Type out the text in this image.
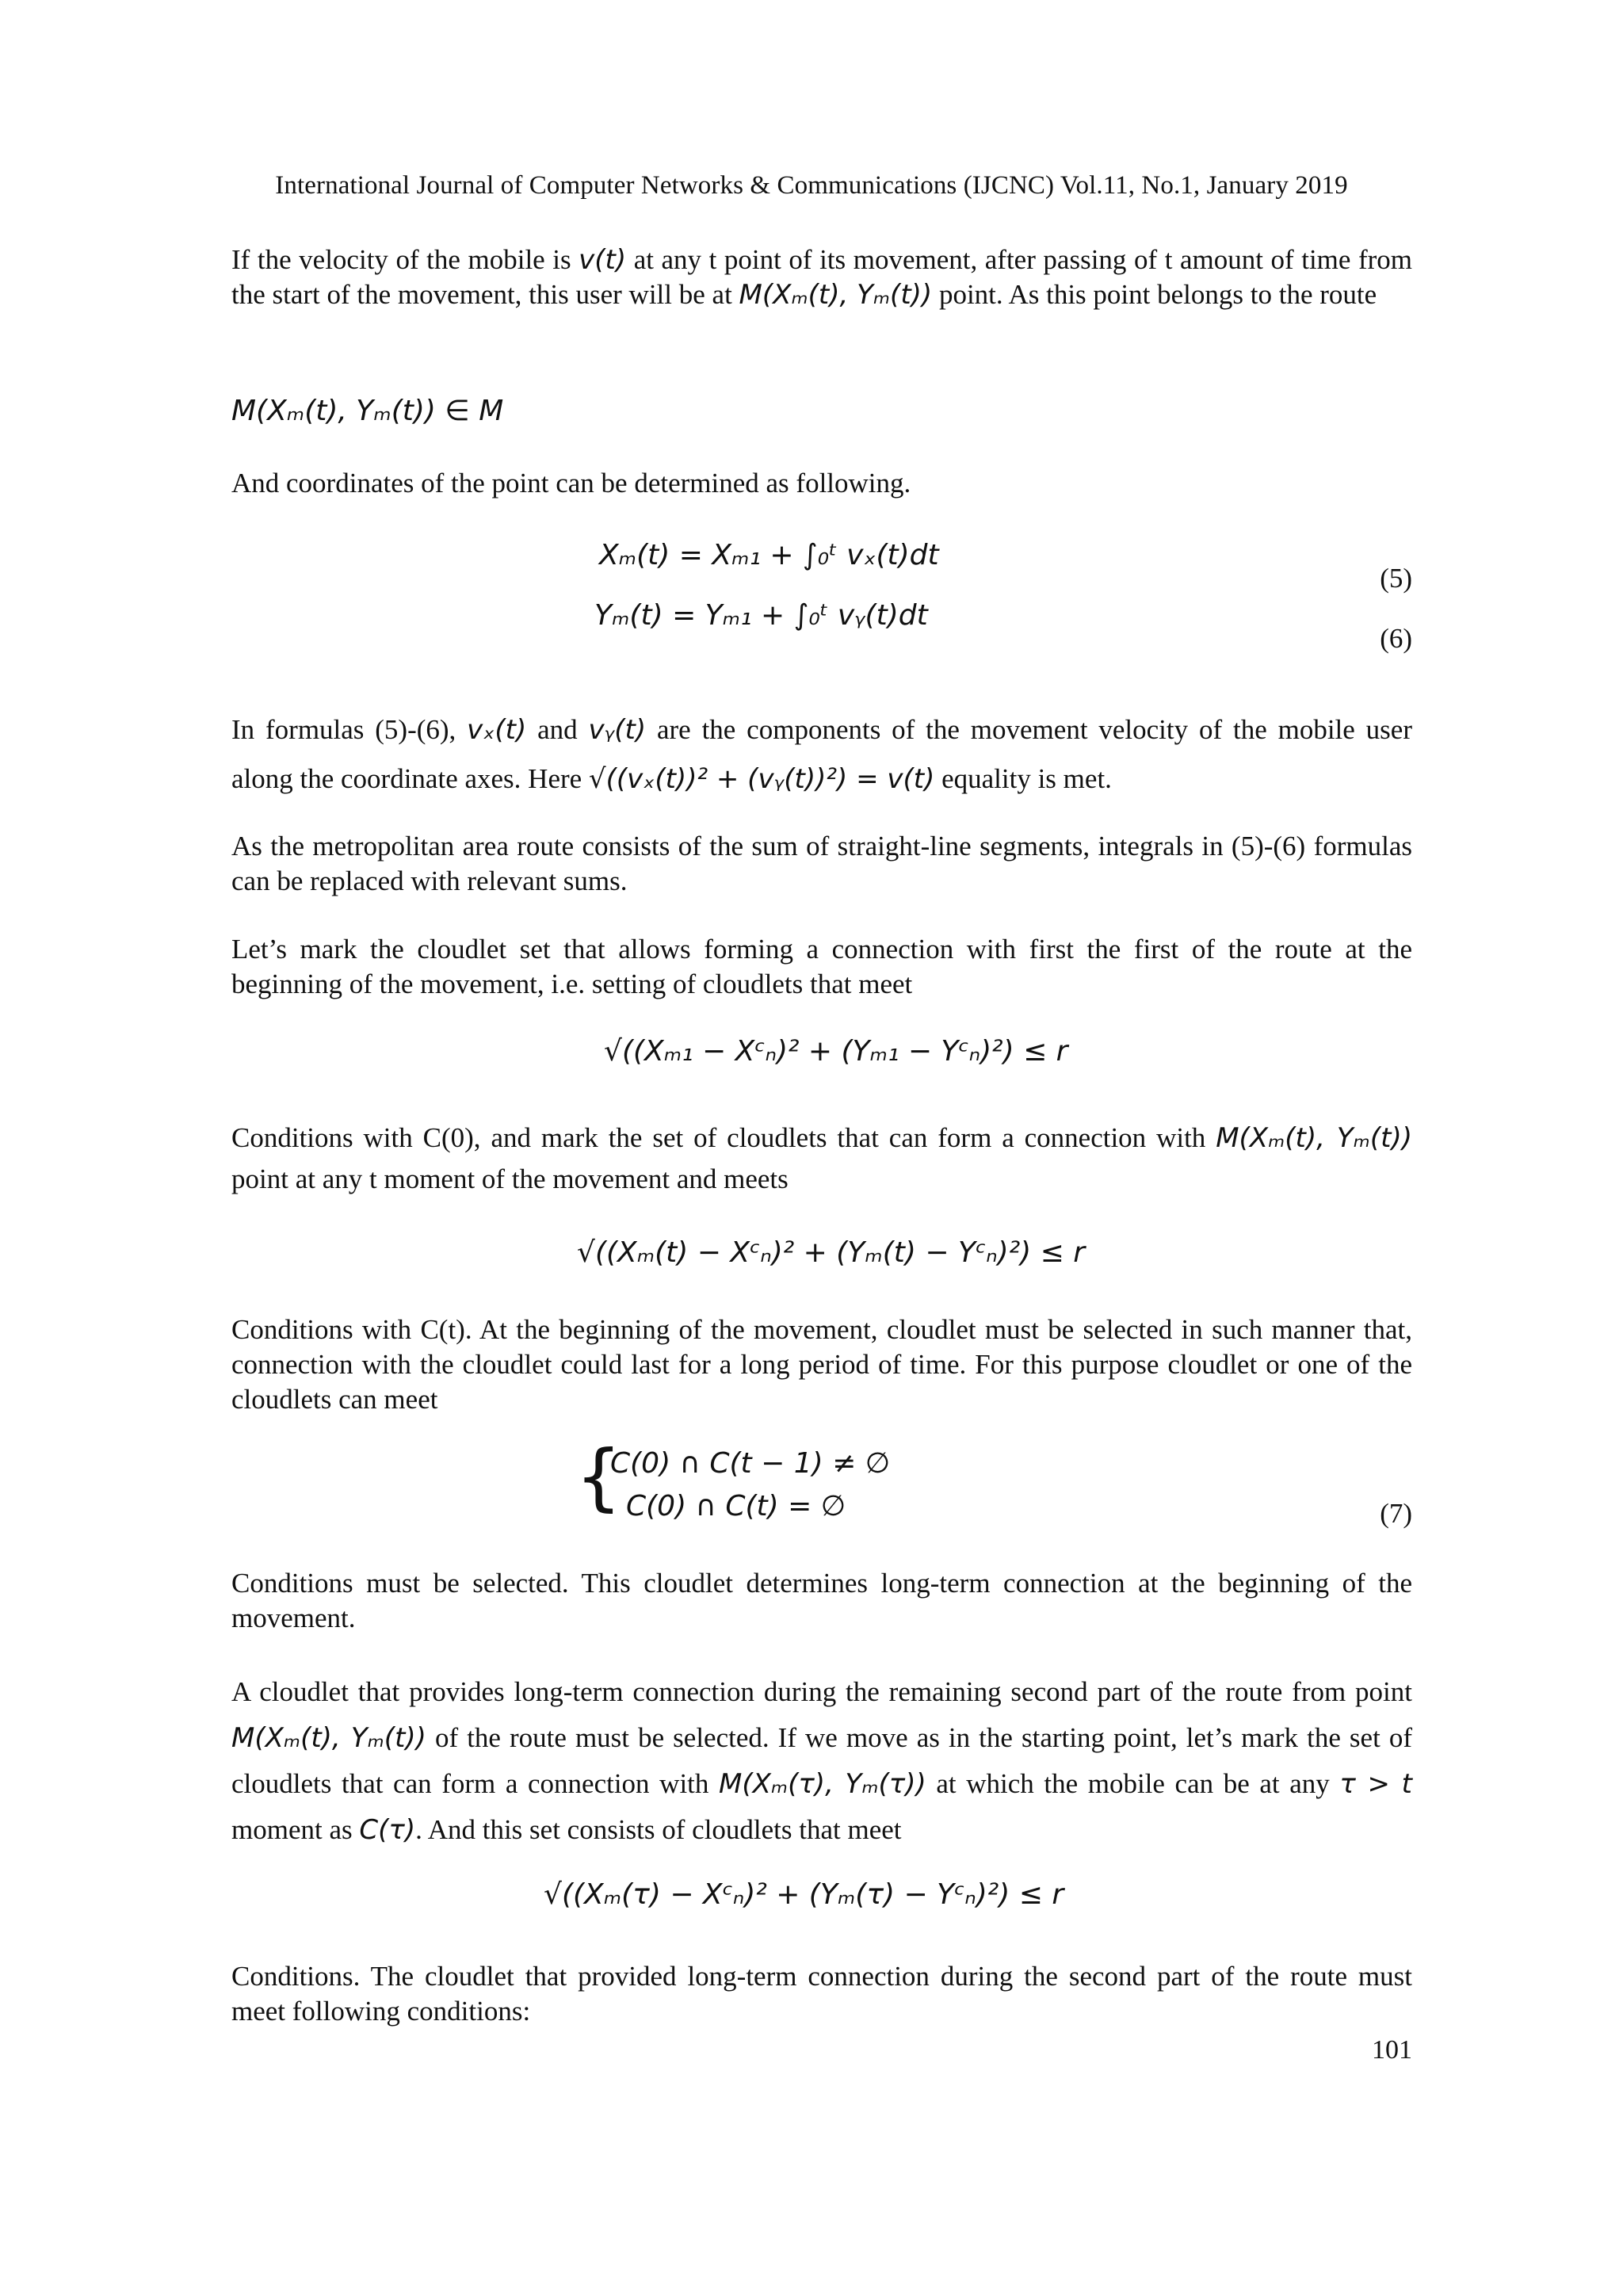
International Journal of Computer Networks & Communications (IJCNC) Vol.11, No.1, January 2019
If the velocity of the mobile is v(t) at any t point of its movement, after passing of t amount of time from the start of the movement, this user will be at M(Xₘ(t), Yₘ(t)) point. As this point belongs to the route
M(Xₘ(t), Yₘ(t)) ∈ M
And coordinates of the point can be determined as following.
Xₘ(t) = Xₘ₁ + ∫₀ᵗ vₓ(t)dt
(5)
Yₘ(t) = Yₘ₁ + ∫₀ᵗ vᵧ(t)dt
(6)
In formulas (5)-(6), vₓ(t) and vᵧ(t) are the components of the movement velocity of the mobile user along the coordinate axes. Here √((vₓ(t))² + (vᵧ(t))²) = v(t) equality is met.
As the metropolitan area route consists of the sum of straight-line segments, integrals in (5)-(6) formulas can be replaced with relevant sums.
Let’s mark the cloudlet set that allows forming a connection with first the first of the route at the beginning of the movement, i.e. setting of cloudlets that meet
√((Xₘ₁ − Xᶜₙ)² + (Yₘ₁ − Yᶜₙ)²) ≤ r
Conditions with C(0), and mark the set of cloudlets that can form a connection with M(Xₘ(t), Yₘ(t)) point at any t moment of the movement and meets
√((Xₘ(t) − Xᶜₙ)² + (Yₘ(t) − Yᶜₙ)²) ≤ r
Conditions with C(t). At the beginning of the movement, cloudlet must be selected in such manner that, connection with the cloudlet could last for a long period of time. For this purpose cloudlet or one of the cloudlets can meet
{
C(0) ∩ C(t − 1) ≠ ∅
C(0) ∩ C(t) = ∅	(7)
Conditions must be selected. This cloudlet determines long-term connection at the beginning of the movement.
A cloudlet that provides long-term connection during the remaining second part of the route from point M(Xₘ(t), Yₘ(t)) of the route must be selected. If we move as in the starting point, let’s mark the set of cloudlets that can form a connection with M(Xₘ(τ), Yₘ(τ)) at which the mobile can be at any τ > t moment as C(τ). And this set consists of cloudlets that meet
√((Xₘ(τ) − Xᶜₙ)² + (Yₘ(τ) − Yᶜₙ)²) ≤ r
Conditions. The cloudlet that provided long-term connection during the second part of the route must meet following conditions:
101
